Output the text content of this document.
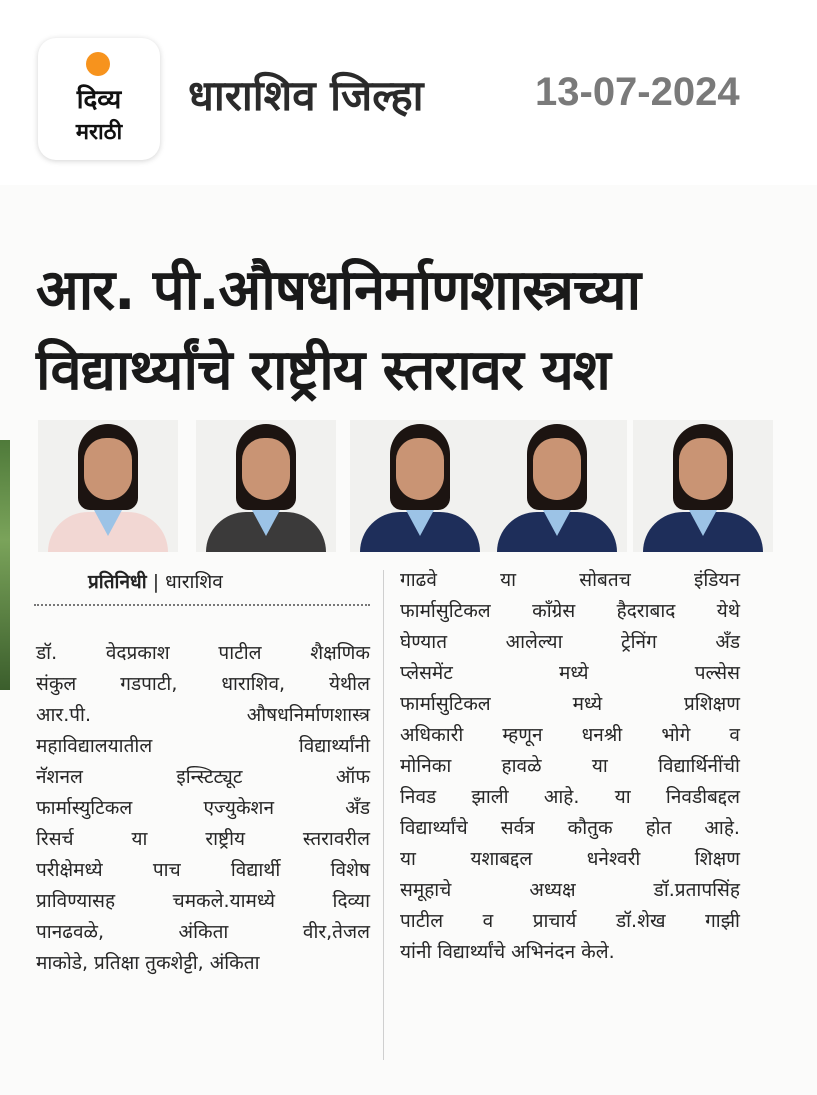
दिव्य
मराठी
धाराशिव जिल्हा	13-07-2024
आर. पी.औषधनिर्माणशास्त्रच्या
विद्यार्थ्यांचे राष्ट्रीय स्तरावर यश
प्रतिनिधी | धाराशिव
डॉ.	वेदप्रकाश	पाटील	शैक्षणिक
संकुल गडपाटी, धाराशिव, येथील
आर.पी.	औषधनिर्माणशास्त्र
महाविद्यालयातील	विद्यार्थ्यांनी
नॅशनल	इन्स्टिट्यूट	ऑफ
फार्मास्युटिकल	एज्युकेशन	अँड
रिसर्च	या	राष्ट्रीय	स्तरावरील
परीक्षेमध्ये	पाच	विद्यार्थी	विशेष
प्राविण्यासह	चमकले.यामध्ये	दिव्या
पानढवळे,	अंकिता	वीर,तेजल
माकोडे, प्रतिक्षा तुकशेट्टी, अंकिता
गाढवे	या	सोबतच	इंडियन
फार्मासुटिकल काँग्रेस हैदराबाद येथे
घेण्यात	आलेल्या	ट्रेनिंग	अँड
प्लेसमेंट	मध्ये	पल्सेस
फार्मासुटिकल	मध्ये	प्रशिक्षण
अधिकारी म्हणून धनश्री भोगे व
मोनिका	हावळे	या	विद्यार्थिनींची
निवड झाली आहे. या निवडीबद्दल
विद्यार्थ्यांचे सर्वत्र कौतुक होत आहे.
या	यशाबद्दल	धनेश्वरी	शिक्षण
समूहाचे	अध्यक्ष	डॉ.प्रतापसिंह
पाटील व प्राचार्य डॉ.शेख गाझी
यांनी विद्यार्थ्यांचे अभिनंदन केले.
